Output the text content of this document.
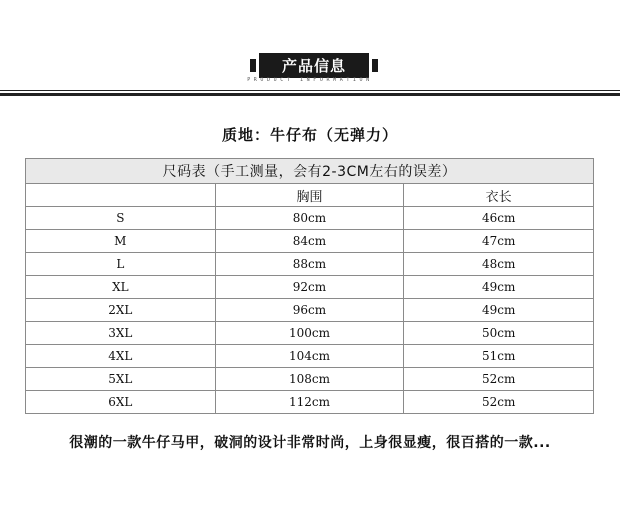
产品信息
PRODUCT INFORMATION
质地：牛仔布（无弹力）
尺码表（手工测量，会有2-3CM左右的误差）		
	胸围	衣长
S	80cm	46cm
M	84cm	47cm
L	88cm	48cm
XL	92cm	49cm
2XL	96cm	49cm
3XL	100cm	50cm
4XL	104cm	51cm
5XL	108cm	52cm
6XL	112cm	52cm
很潮的一款牛仔马甲，破洞的设计非常时尚，上身很显瘦，很百搭的一款...
